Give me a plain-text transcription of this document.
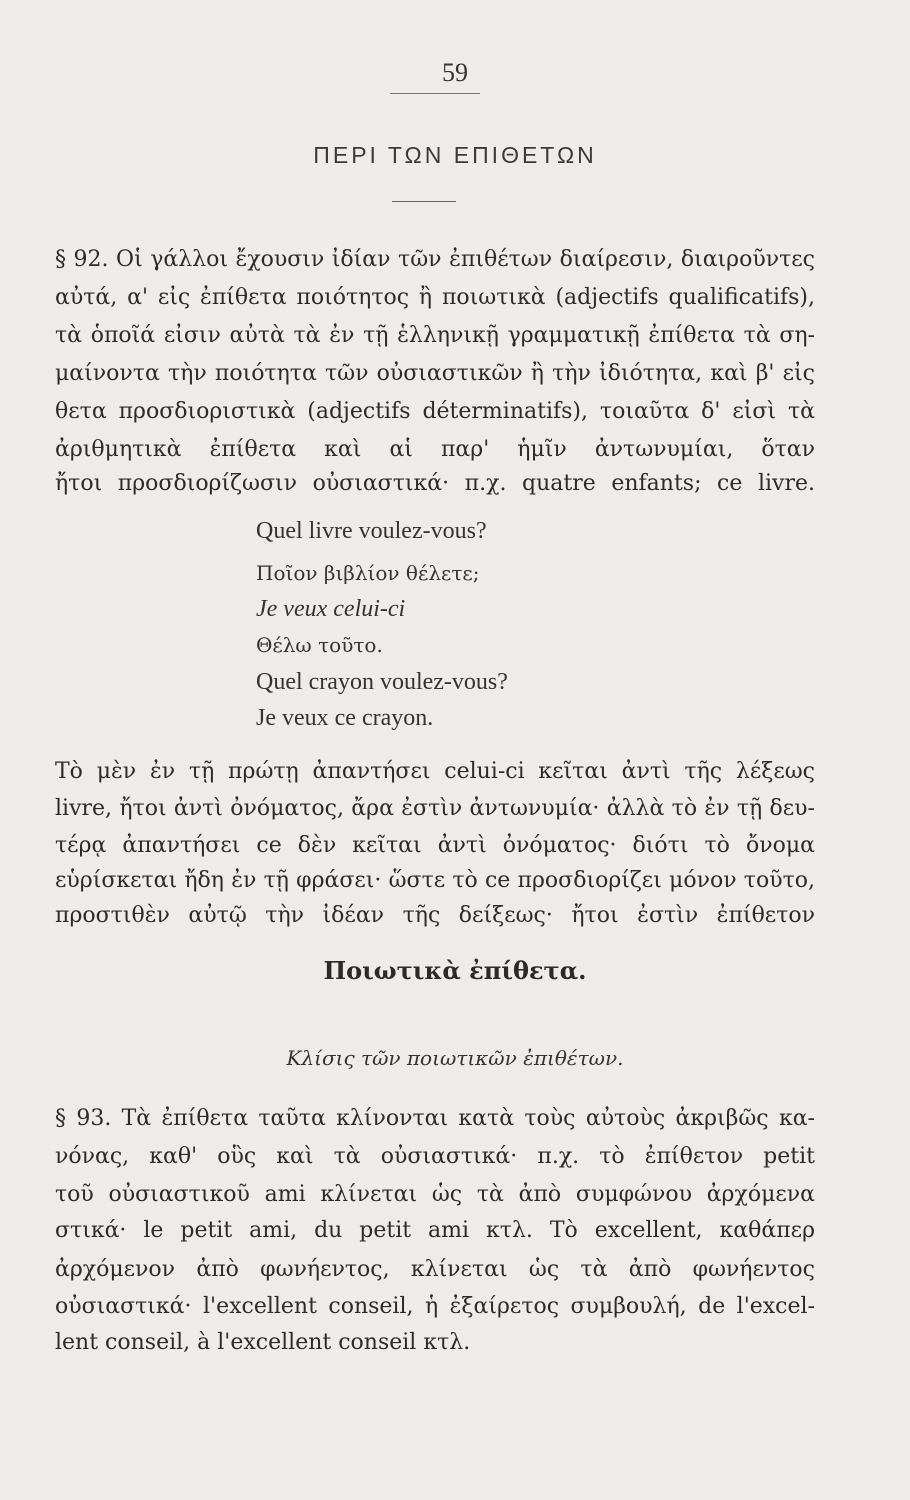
59
ΠΕΡΙ ΤΩΝ ΕΠΙΘΕΤΩΝ
§ 92. Οἱ γάλλοι ἔχουσιν ἰδίαν τῶν ἐπιθέτων διαίρεσιν, διαιροῦντες
αὐτά, α' εἰς ἐπίθετα ποιότητος ἢ ποιωτικὰ (adjectifs qualificatifs),
τὰ ὁποῖά εἰσιν αὐτὰ τὰ ἐν τῇ ἑλληνικῇ γραμματικῇ ἐπίθετα τὰ ση-
μαίνοντα τὴν ποιότητα τῶν οὐσιαστικῶν ἢ τὴν ἰδιότητα, καὶ β' εἰς
θετα προσδιοριστικὰ (adjectifs déterminatifs), τοιαῦτα δ' εἰσὶ τὰ
ἀριθμητικὰ ἐπίθετα καὶ αἱ παρ' ἡμῖν ἀντωνυμίαι, ὅταν
ἤτοι προσδιορίζωσιν οὐσιαστικά· π.χ. quatre enfants; ce livre.
Quel livre voulez-vous?
Ποῖον βιβλίον θέλετε;
Je veux celui-ci
Θέλω τοῦτο.
Quel crayon voulez-vous?
Je veux ce crayon.
Τὸ μὲν ἐν τῇ πρώτῃ ἀπαντήσει celui-ci κεῖται ἀντὶ τῆς λέξεως
livre, ἤτοι ἀντὶ ὀνόματος, ἄρα ἐστὶν ἀντωνυμία· ἀλλὰ τὸ ἐν τῇ δευ-
τέρᾳ ἀπαντήσει ce δὲν κεῖται ἀντὶ ὀνόματος· διότι τὸ ὄνομα
εὑρίσκεται ἤδη ἐν τῇ φράσει· ὥστε τὸ ce προσδιορίζει μόνον τοῦτο,
προστιθὲν αὐτῷ τὴν ἰδέαν τῆς δείξεως· ἤτοι ἐστὶν ἐπίθετον
Ποιωτικὰ ἐπίθετα.
Κλίσις τῶν ποιωτικῶν ἐπιθέτων.
§ 93. Τὰ ἐπίθετα ταῦτα κλίνονται κατὰ τοὺς αὐτοὺς ἀκριβῶς κα-
νόνας, καθ' οὓς καὶ τὰ οὐσιαστικά· π.χ. τὸ ἐπίθετον petit
τοῦ οὐσιαστικοῦ ami κλίνεται ὡς τὰ ἀπὸ συμφώνου ἀρχόμενα
στικά· le petit ami, du petit ami κτλ. Τὸ excellent, καθάπερ
ἀρχόμενον ἀπὸ φωνήεντος, κλίνεται ὡς τὰ ἀπὸ φωνήεντος
οὐσιαστικά· l'excellent conseil, ἡ ἐξαίρετος συμβουλή, de l'excel-
lent conseil, à l'excellent conseil κτλ.
